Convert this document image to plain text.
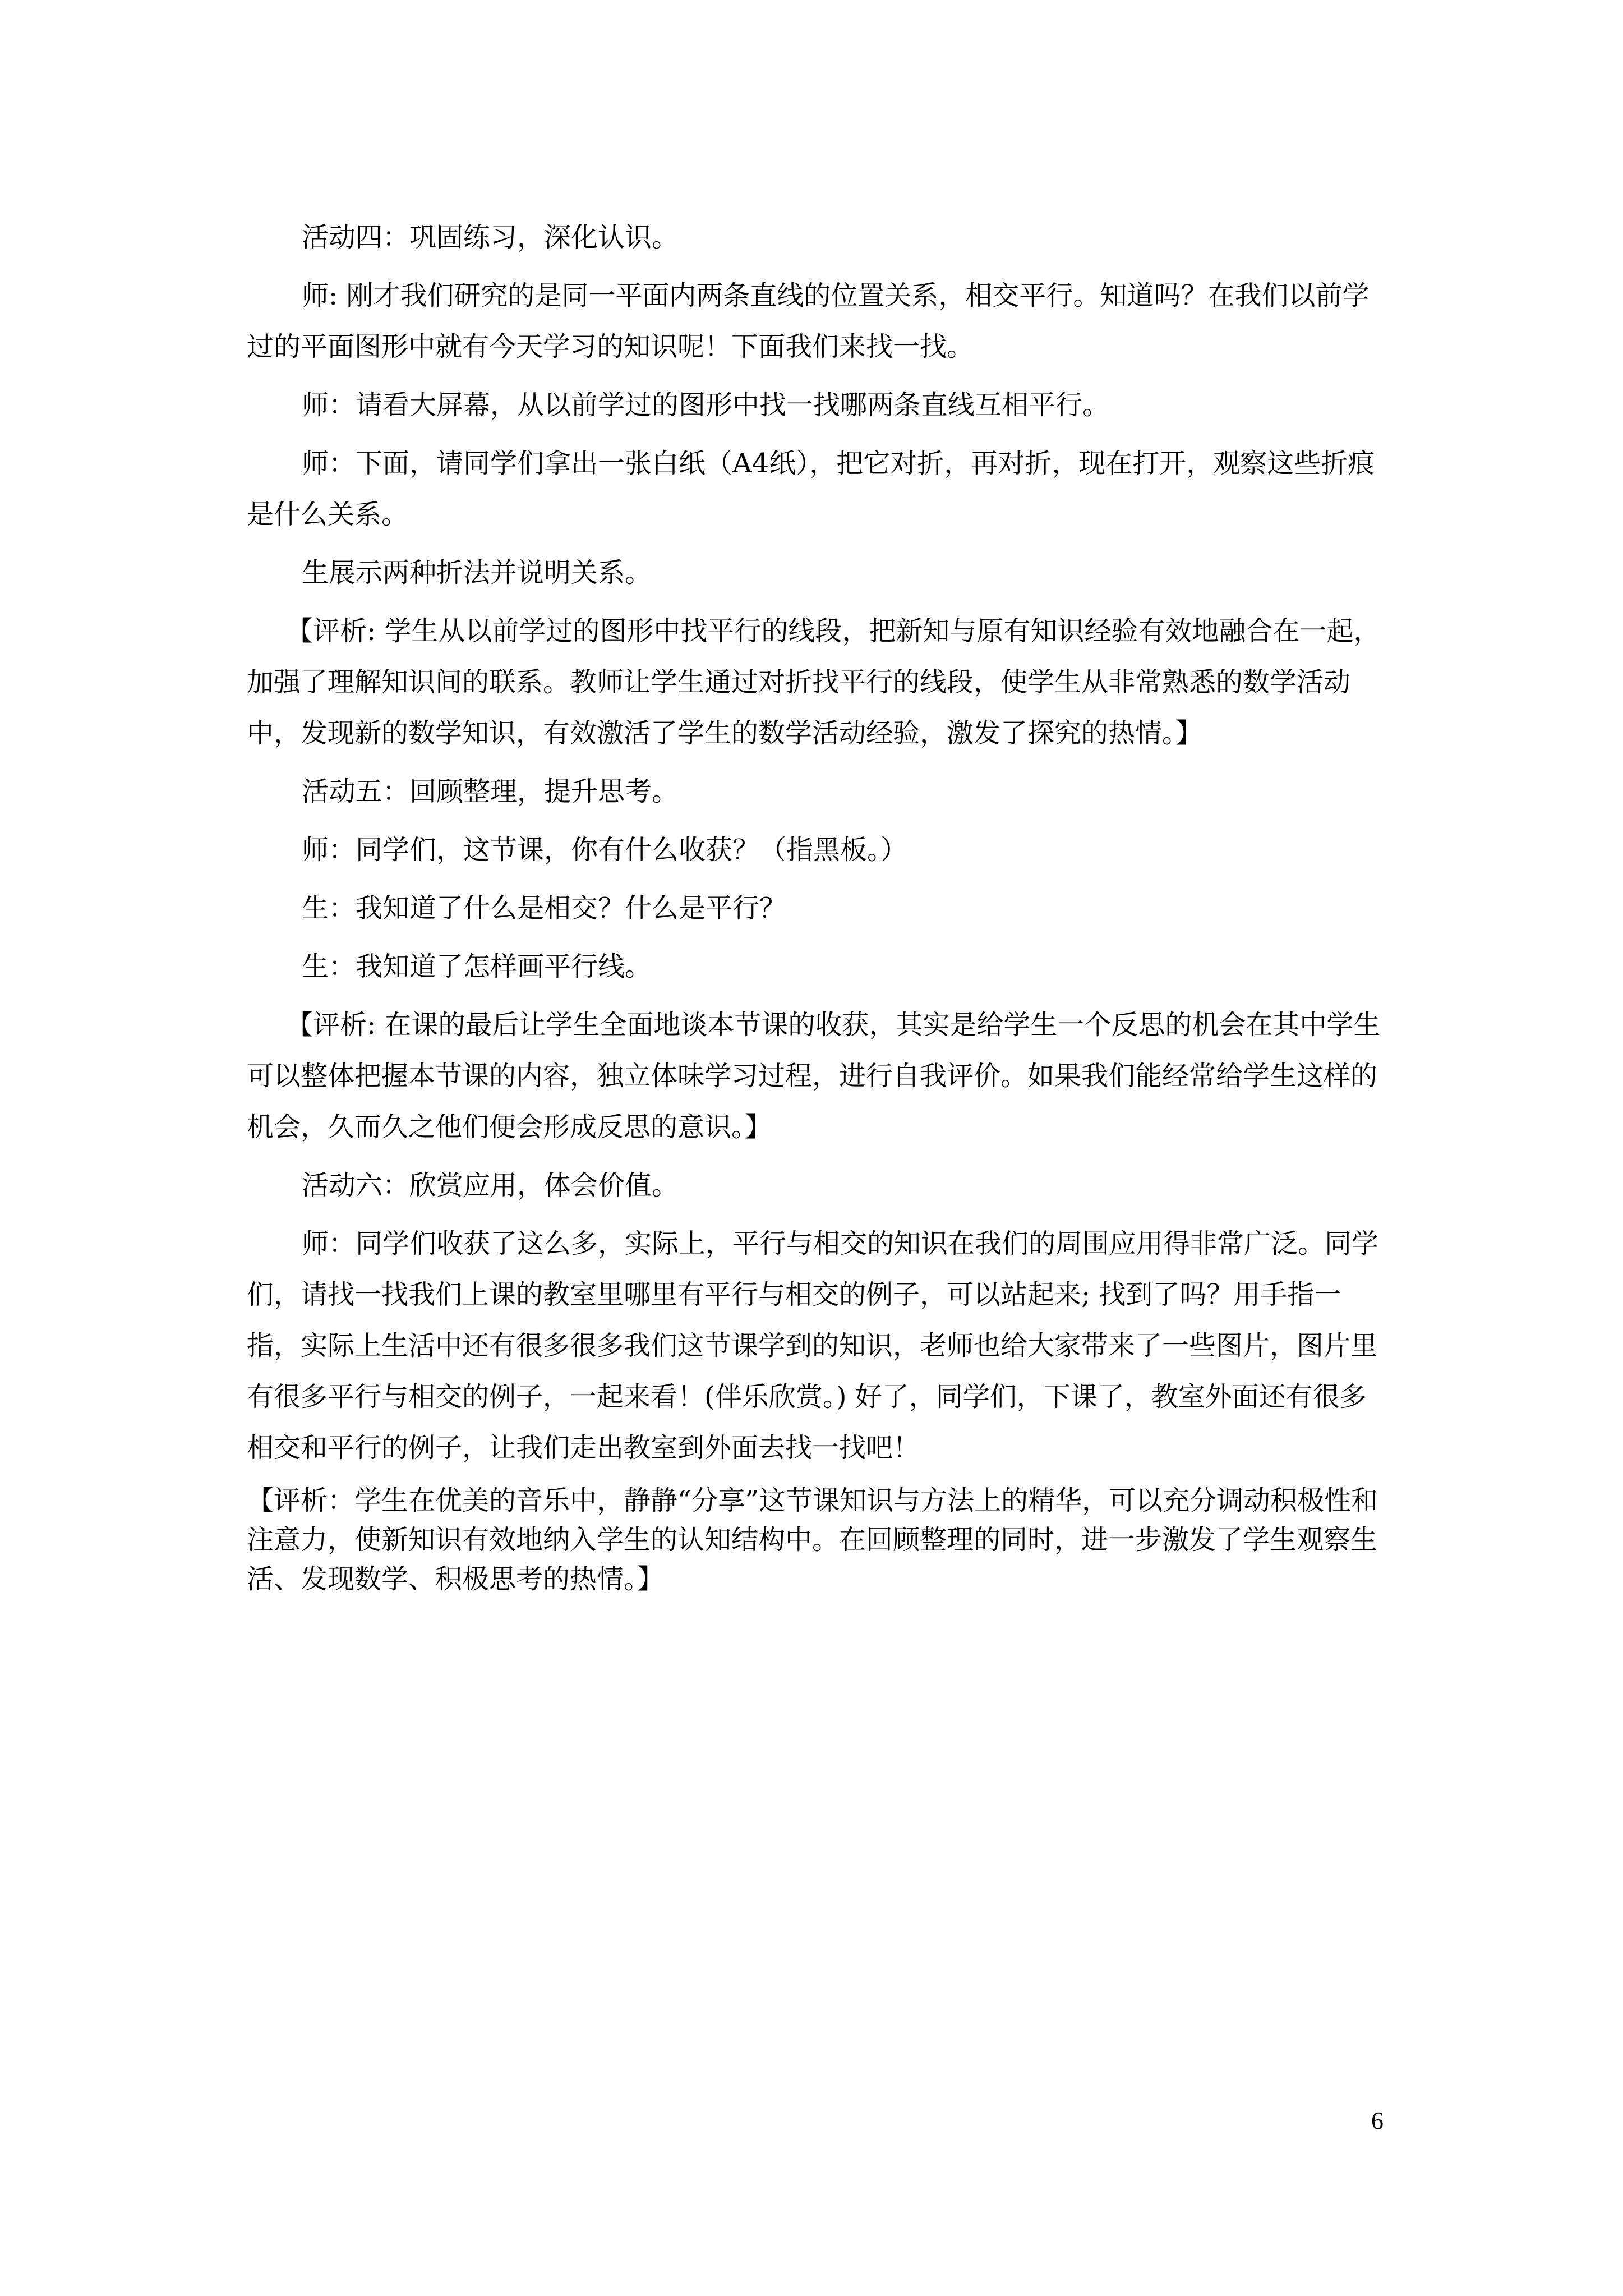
活动四：巩固练习，深化认识。

师: 刚才我们研究的是同一平面内两条直线的位置关系，相交平行。知道吗？在我们以前学过的平面图形中就有今天学习的知识呢！下面我们来找一找。

师：请看大屏幕，从以前学过的图形中找一找哪两条直线互相平行。

师：下面，请同学们拿出一张白纸（A4纸），把它对折，再对折，现在打开，观察这些折痕是什么关系。

生展示两种折法并说明关系。

【评析: 学生从以前学过的图形中找平行的线段，把新知与原有知识经验有效地融合在一起，加强了理解知识间的联系。教师让学生通过对折找平行的线段，使学生从非常熟悉的数学活动中，发现新的数学知识，有效激活了学生的数学活动经验，激发了探究的热情。】

活动五：回顾整理，提升思考。

师：同学们，这节课，你有什么收获？（指黑板。）

生：我知道了什么是相交？什么是平行？

生：我知道了怎样画平行线。

【评析: 在课的最后让学生全面地谈本节课的收获，其实是给学生一个反思的机会在其中学生可以整体把握本节课的内容，独立体味学习过程，进行自我评价。如果我们能经常给学生这样的机会，久而久之他们便会形成反思的意识。】

活动六：欣赏应用，体会价值。

师：同学们收获了这么多，实际上，平行与相交的知识在我们的周围应用得非常广泛。同学们，请找一找我们上课的教室里哪里有平行与相交的例子，可以站起来; 找到了吗？用手指一指，实际上生活中还有很多很多我们这节课学到的知识，老师也给大家带来了一些图片，图片里有很多平行与相交的例子，一起来看！(伴乐欣赏。) 好了，同学们，下课了，教室外面还有很多相交和平行的例子，让我们走出教室到外面去找一找吧！

【评析：学生在优美的音乐中，静静“分享”这节课知识与方法上的精华，可以充分调动积极性和注意力，使新知识有效地纳入学生的认知结构中。在回顾整理的同时，进一步激发了学生观察生活、发现数学、积极思考的热情。】

6
